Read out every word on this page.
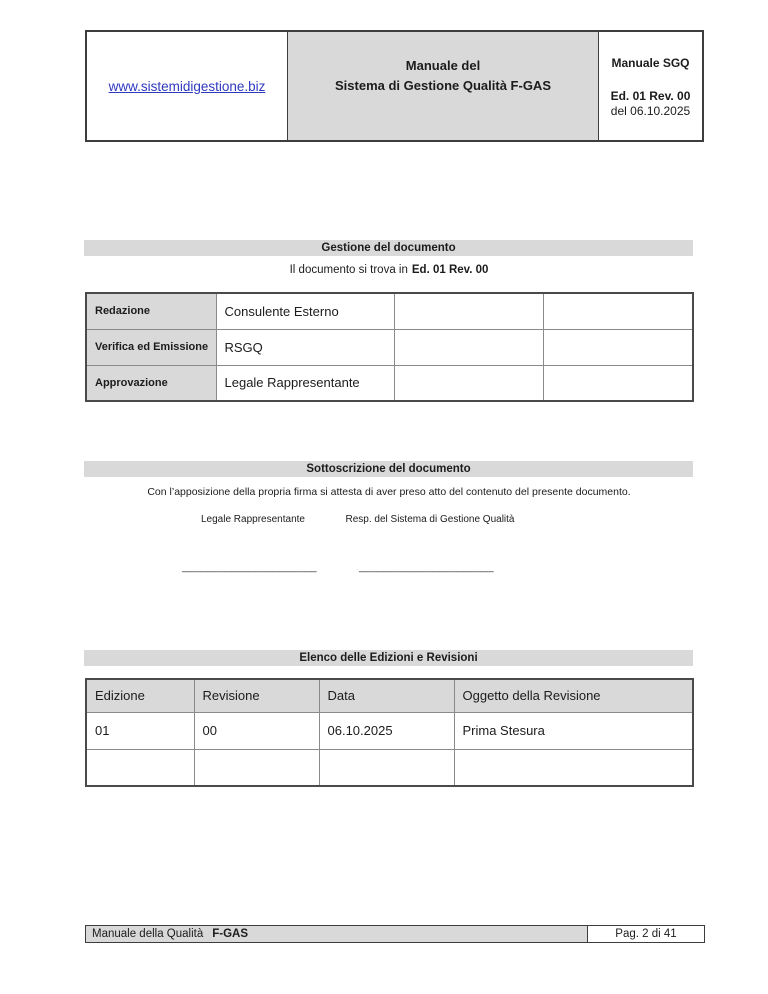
www.sistemidigestione.biz
Manuale del
Sistema di Gestione Qualità F-GAS
Manuale SGQ
Ed. 01 Rev. 00
del 06.10.2025
Gestione del documento
Il documento si trova in Ed. 01 Rev. 00
Redazione	Consulente Esterno		
Verifica ed Emissione	RSGQ		
Approvazione	Legale Rappresentante		
Sottoscrizione del documento
Con l’apposizione della propria firma si attesta di aver preso atto del contenuto del presente documento.
Legale Rappresentante	Resp. del Sistema di Gestione Qualità
______________________	______________________
Elenco delle Edizioni e Revisioni
Edizione	Revisione	Data	Oggetto della Revisione
01	00	06.10.2025	Prima Stesura

Manuale della Qualità F-GAS	Pag. 2 di 41
